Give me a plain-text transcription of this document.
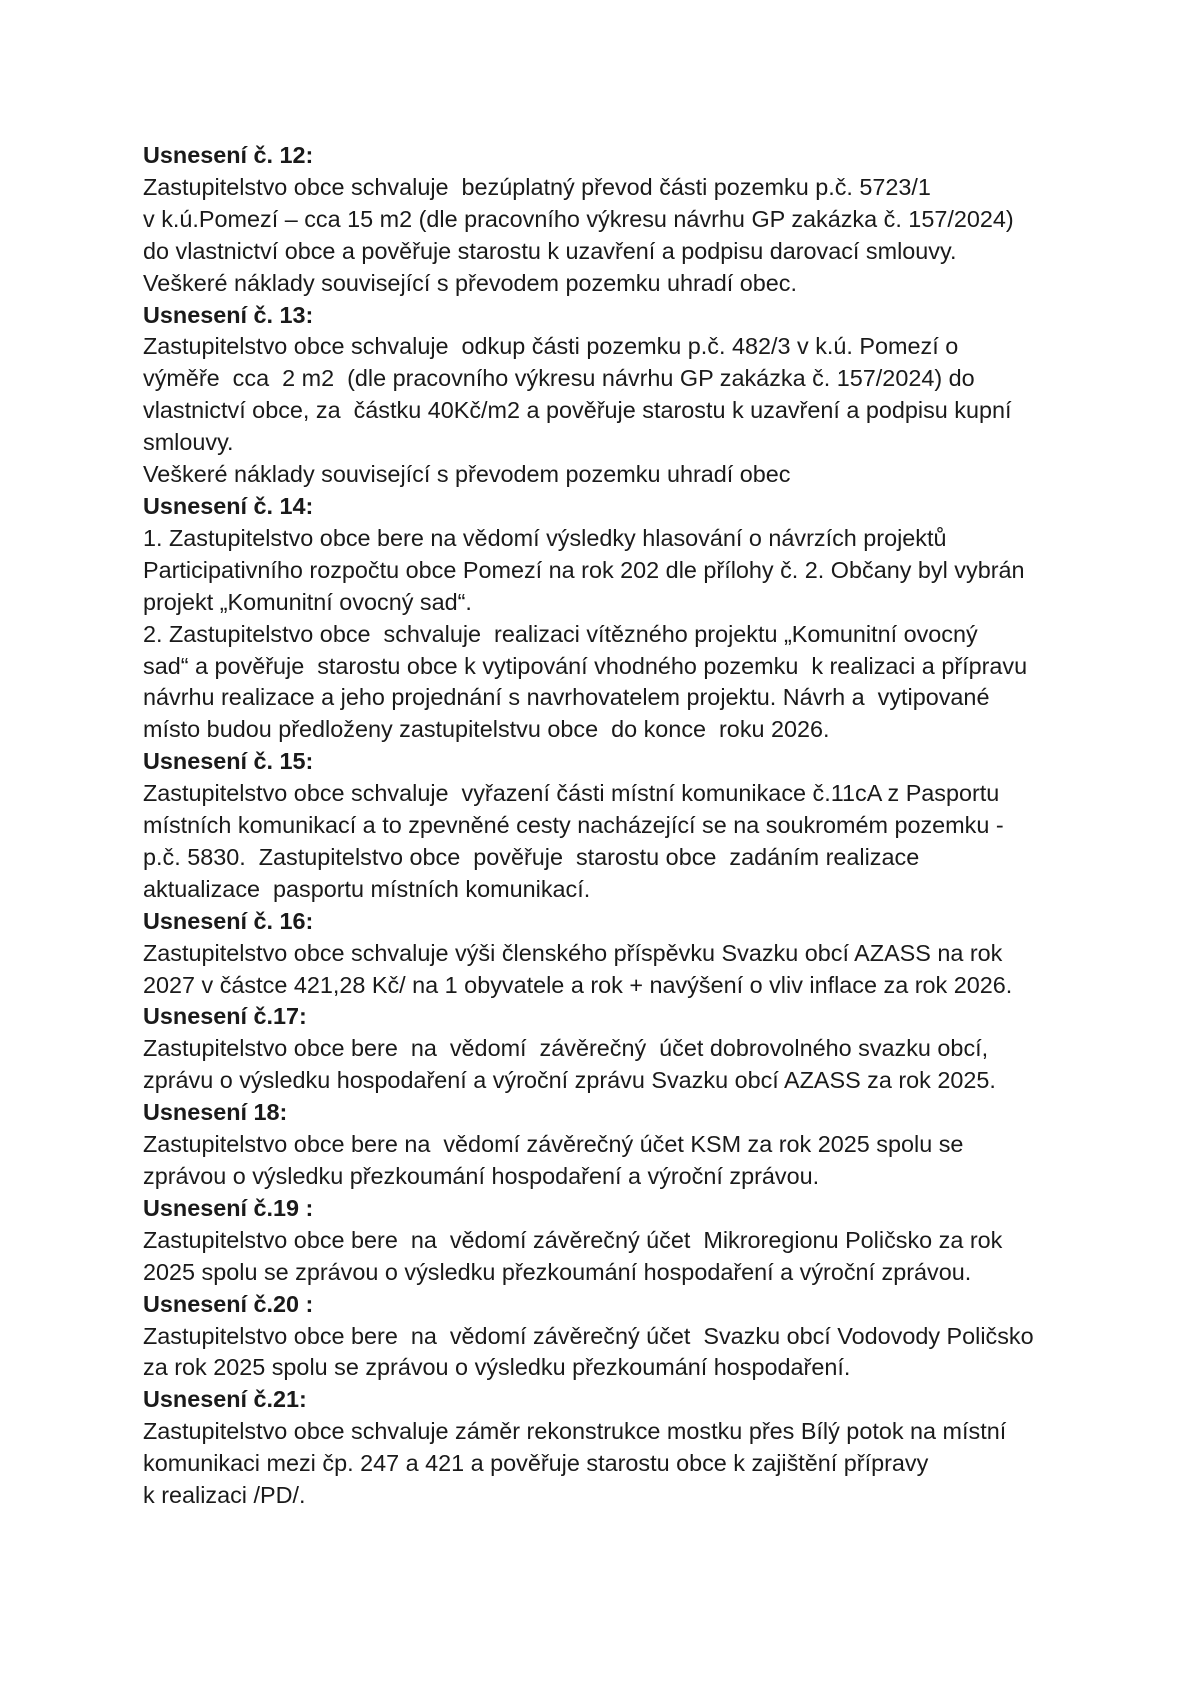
Usnesení č. 12:
Zastupitelstvo obce schvaluje  bezúplatný převod části pozemku p.č. 5723/1
v k.ú.Pomezí – cca 15 m2 (dle pracovního výkresu návrhu GP zakázka č. 157/2024)
do vlastnictví obce a pověřuje starostu k uzavření a podpisu darovací smlouvy.
Veškeré náklady související s převodem pozemku uhradí obec.
Usnesení č. 13:
Zastupitelstvo obce schvaluje  odkup části pozemku p.č. 482/3 v k.ú. Pomezí o
výměře  cca  2 m2  (dle pracovního výkresu návrhu GP zakázka č. 157/2024) do
vlastnictví obce, za  částku 40Kč/m2 a pověřuje starostu k uzavření a podpisu kupní
smlouvy.
Veškeré náklady související s převodem pozemku uhradí obec
Usnesení č. 14:
1. Zastupitelstvo obce bere na vědomí výsledky hlasování o návrzích projektů
Participativního rozpočtu obce Pomezí na rok 202 dle přílohy č. 2. Občany byl vybrán
projekt „Komunitní ovocný sad“.
2. Zastupitelstvo obce  schvaluje  realizaci vítězného projektu „Komunitní ovocný
sad“ a pověřuje  starostu obce k vytipování vhodného pozemku  k realizaci a přípravu
návrhu realizace a jeho projednání s navrhovatelem projektu. Návrh a  vytipované
místo budou předloženy zastupitelstvu obce  do konce  roku 2026.
Usnesení č. 15:
Zastupitelstvo obce schvaluje  vyřazení části místní komunikace č.11cA z Pasportu
místních komunikací a to zpevněné cesty nacházející se na soukromém pozemku -
p.č. 5830.  Zastupitelstvo obce  pověřuje  starostu obce  zadáním realizace
aktualizace  pasportu místních komunikací.
Usnesení č. 16:
Zastupitelstvo obce schvaluje výši členského příspěvku Svazku obcí AZASS na rok
2027 v částce 421,28 Kč/ na 1 obyvatele a rok + navýšení o vliv inflace za rok 2026.
Usnesení č.17:
Zastupitelstvo obce bere  na  vědomí  závěrečný  účet dobrovolného svazku obcí,
zprávu o výsledku hospodaření a výroční zprávu Svazku obcí AZASS za rok 2025.
Usnesení 18:
Zastupitelstvo obce bere na  vědomí závěrečný účet KSM za rok 2025 spolu se
zprávou o výsledku přezkoumání hospodaření a výroční zprávou.
Usnesení č.19 :
Zastupitelstvo obce bere  na  vědomí závěrečný účet  Mikroregionu Poličsko za rok
2025 spolu se zprávou o výsledku přezkoumání hospodaření a výroční zprávou.
Usnesení č.20 :
Zastupitelstvo obce bere  na  vědomí závěrečný účet  Svazku obcí Vodovody Poličsko
za rok 2025 spolu se zprávou o výsledku přezkoumání hospodaření.
Usnesení č.21:
Zastupitelstvo obce schvaluje záměr rekonstrukce mostku přes Bílý potok na místní
komunikaci mezi čp. 247 a 421 a pověřuje starostu obce k zajištění přípravy
k realizaci /PD/.
